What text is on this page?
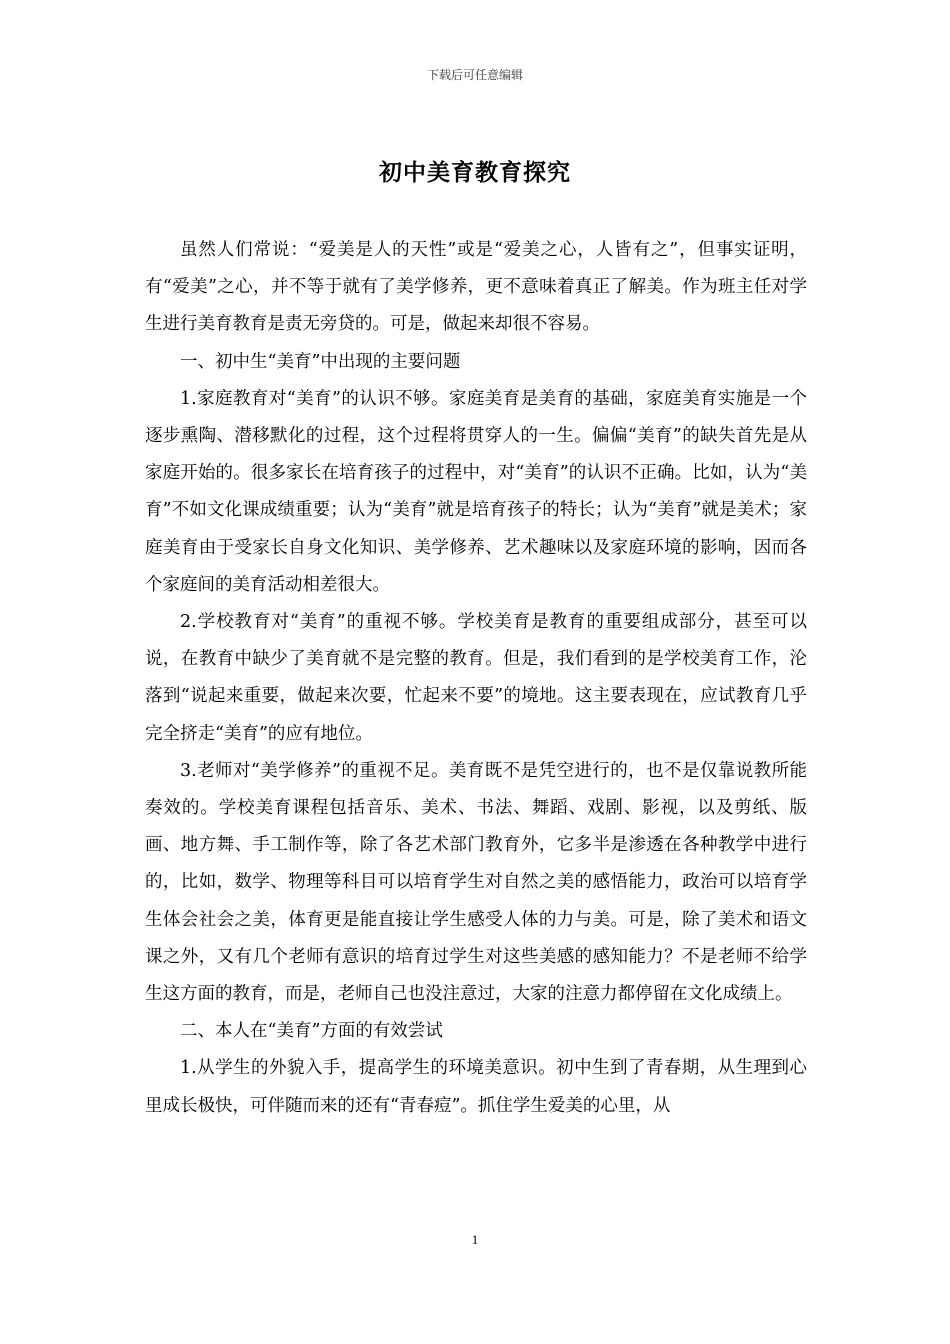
下载后可任意编辑
初中美育教育探究

虽然人们常说：“爱美是人的天性”或是“爱美之心，人皆有之”，但事实证明，有“爱美”之心，并不等于就有了美学修养，更不意味着真正了解美。作为班主任对学生进行美育教育是责无旁贷的。可是，做起来却很不容易。

一、初中生“美育”中出现的主要问题

1.家庭教育对“美育”的认识不够。家庭美育是美育的基础，家庭美育实施是一个逐步熏陶、潜移默化的过程，这个过程将贯穿人的一生。偏偏“美育”的缺失首先是从家庭开始的。很多家长在培育孩子的过程中，对“美育”的认识不正确。比如，认为“美育”不如文化课成绩重要；认为“美育”就是培育孩子的特长；认为“美育”就是美术；家庭美育由于受家长自身文化知识、美学修养、艺术趣味以及家庭环境的影响，因而各个家庭间的美育活动相差很大。

2.学校教育对“美育”的重视不够。学校美育是教育的重要组成部分，甚至可以说，在教育中缺少了美育就不是完整的教育。但是，我们看到的是学校美育工作，沦落到“说起来重要，做起来次要，忙起来不要”的境地。这主要表现在，应试教育几乎完全挤走“美育”的应有地位。

3.老师对“美学修养”的重视不足。美育既不是凭空进行的，也不是仅靠说教所能奏效的。学校美育课程包括音乐、美术、书法、舞蹈、戏剧、影视，以及剪纸、版画、地方舞、手工制作等，除了各艺术部门教育外，它多半是渗透在各种教学中进行的，比如，数学、物理等科目可以培育学生对自然之美的感悟能力，政治可以培育学生体会社会之美，体育更是能直接让学生感受人体的力与美。可是，除了美术和语文课之外，又有几个老师有意识的培育过学生对这些美感的感知能力？不是老师不给学生这方面的教育，而是，老师自己也没注意过，大家的注意力都停留在文化成绩上。

二、本人在“美育”方面的有效尝试

1.从学生的外貌入手，提高学生的环境美意识。初中生到了青春期，从生理到心里成长极快，可伴随而来的还有“青春痘”。抓住学生爱美的心里，从

1
